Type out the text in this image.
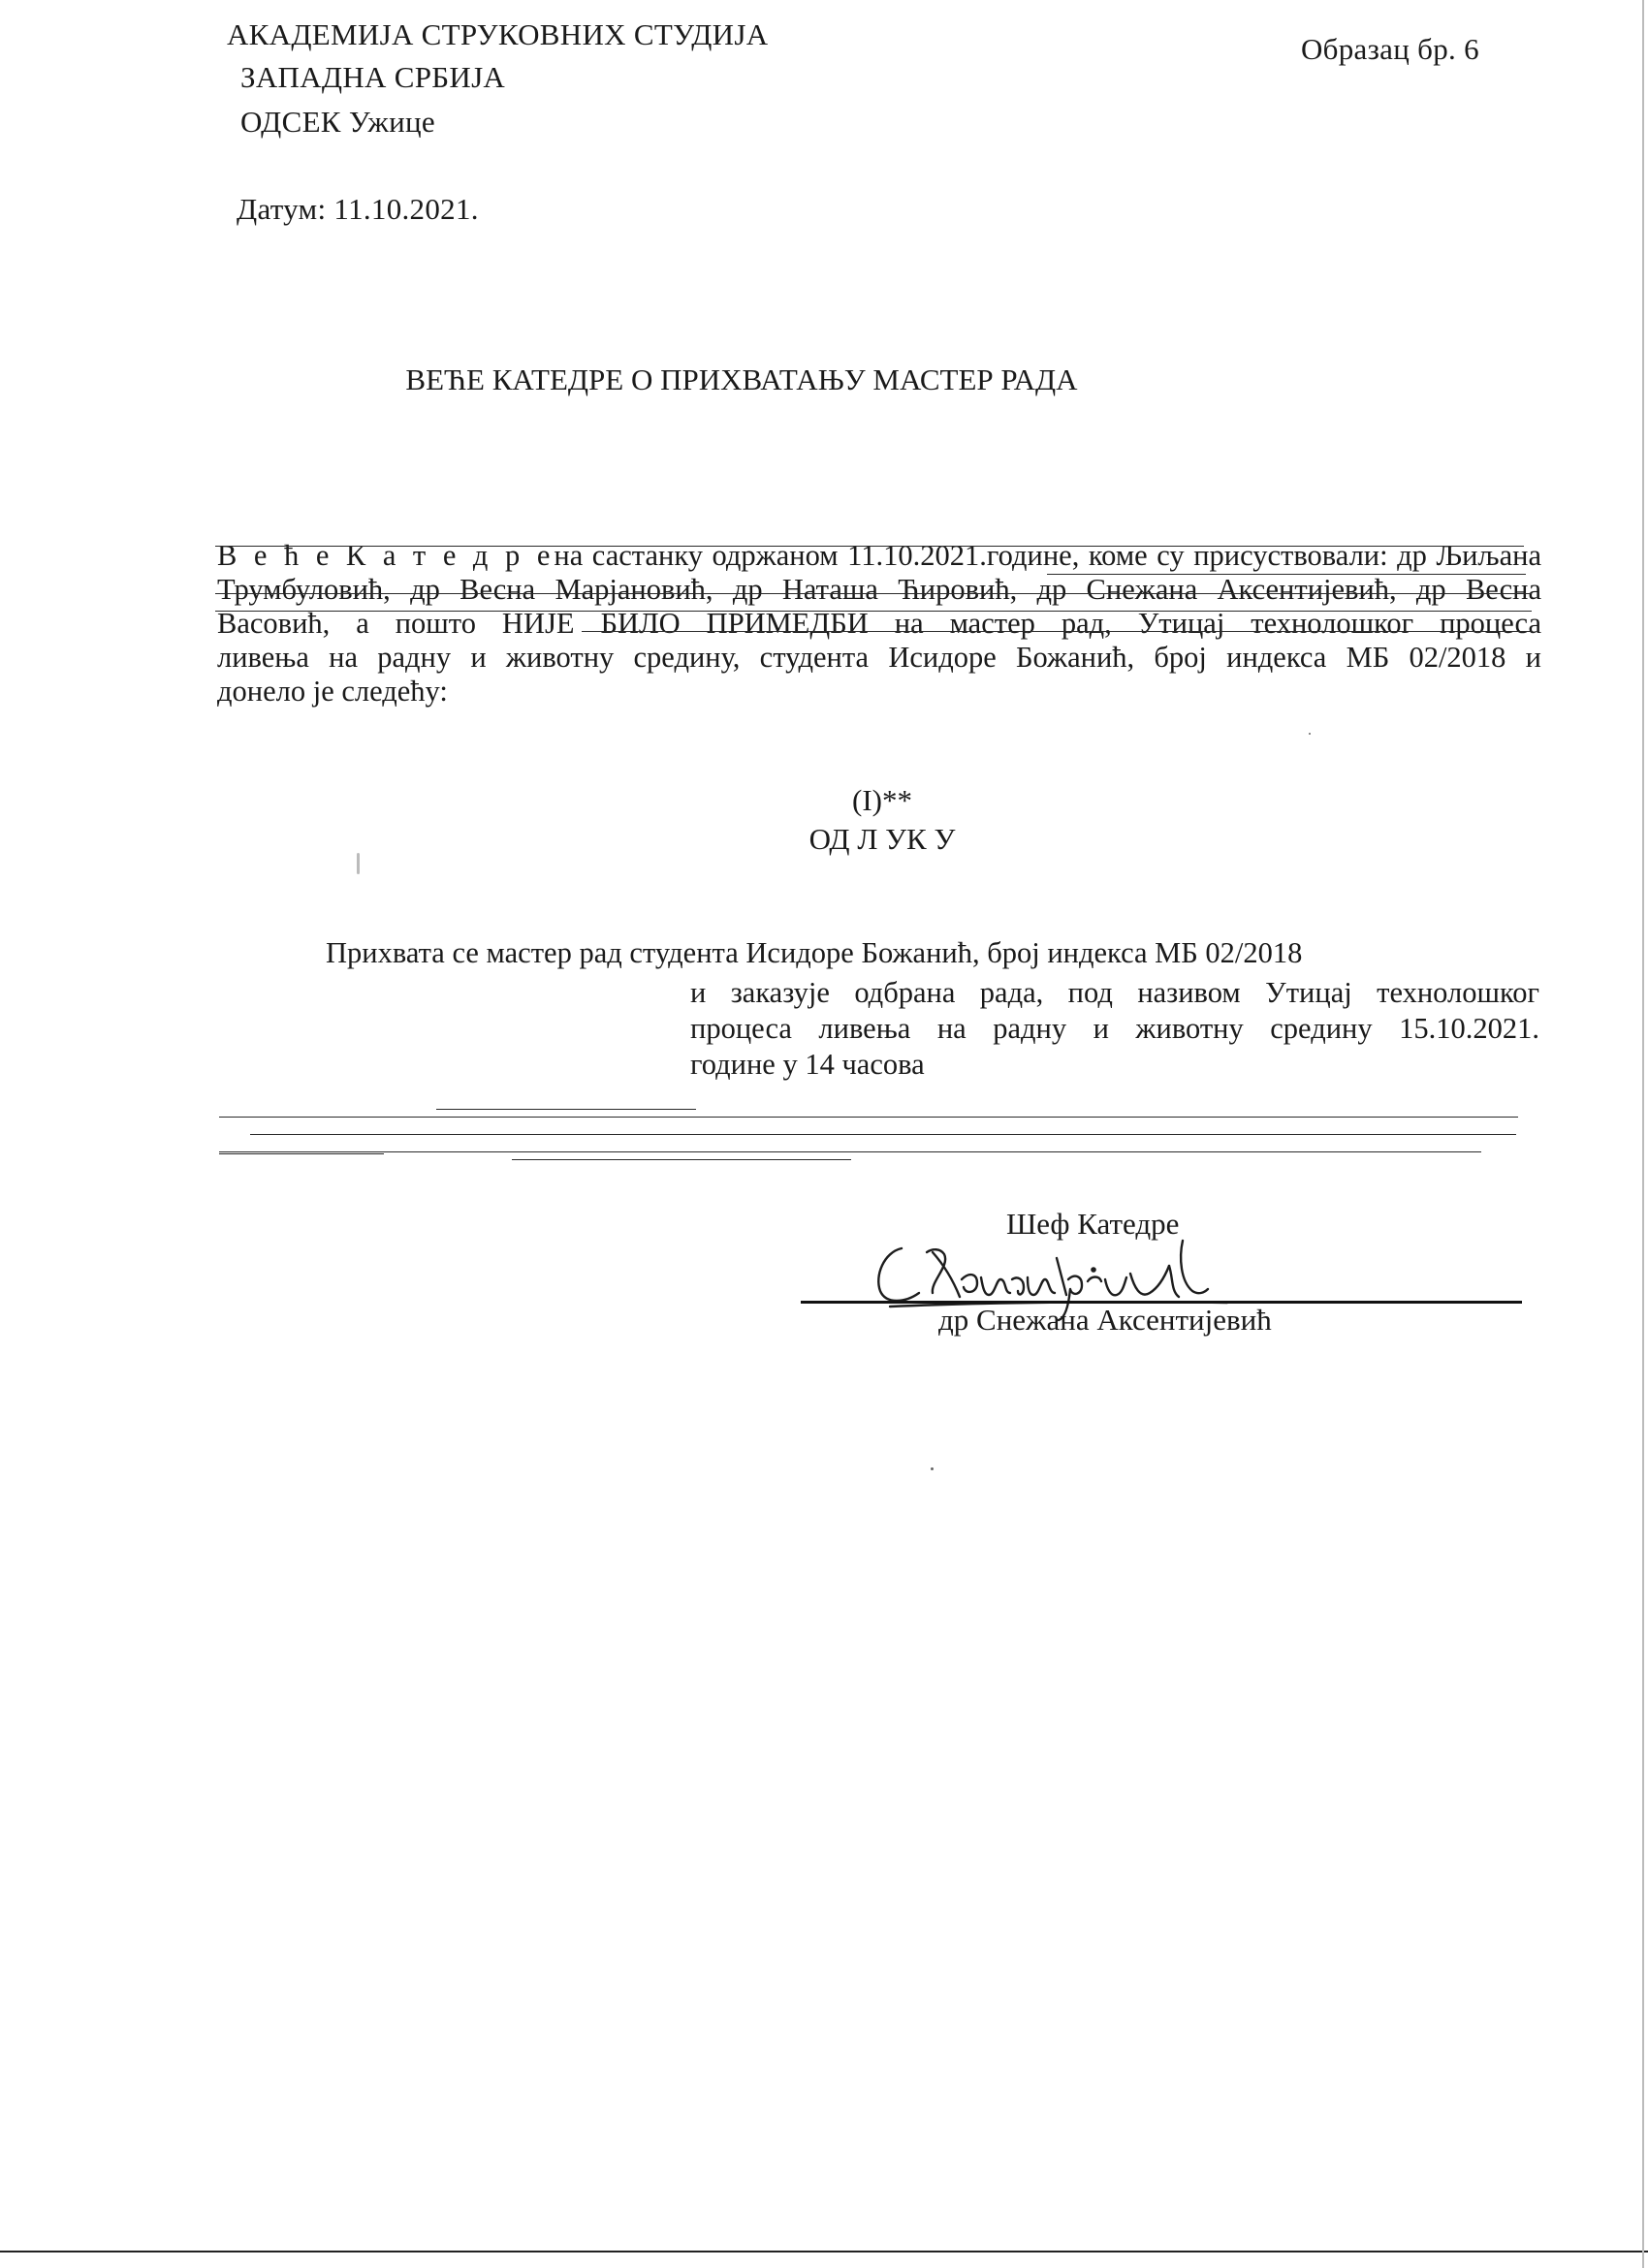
АКАДЕМИЈА СТРУКОВНИХ СТУДИЈА
ЗАПАДНА СРБИЈА
ОДСЕК Ужице
Образац бр. 6
Датум: 11.10.2021.
ВЕЋЕ КАТЕДРЕ О ПРИХВАТАЊУ МАСТЕР РАДА
В е ћ е К а т е д р ена састанку одржаном 11.10.2021.године, коме су присуствовали: др Љиљана
Трумбуловић, др Весна Марјановић, др Наташа Ћировић, др Снежана Аксентијевић, др Весна
Васовић, а пошто НИЈЕ БИЛО ПРИМЕДБИ на мастер рад, Утицај технолошког процеса
ливења на радну и животну средину, студента Исидоре Божанић, број индекса МБ 02/2018 и
донело је следећу:
(I)**
ОД Л УК У
Прихвата се мастер рад студента Исидоре Божанић, број индекса МБ 02/2018
и заказује одбрана рада, под називом Утицај технолошког
процеса ливења на радну и животну средину 15.10.2021.
године у 14 часова
Шеф Катедре
др Снежана Аксентијевић
